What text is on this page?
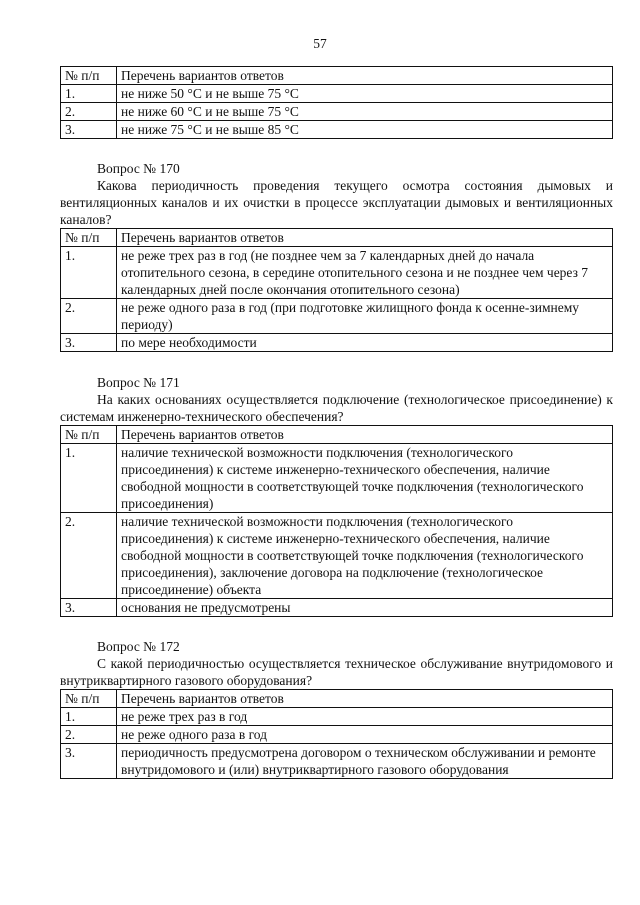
57
№ п/п	Перечень вариантов ответов
1.	не ниже 50 °С и не выше 75 °С
2.	не ниже 60 °С и не выше 75 °С
3.	не ниже 75 °С и не выше 85 °С
Вопрос № 170
Какова периодичность проведения текущего осмотра состояния дымовых и вентиляционных каналов и их очистки в процессе эксплуатации дымовых и вентиляционных каналов?
№ п/п	Перечень вариантов ответов
1.	не реже трех раз в год (не позднее чем за 7 календарных дней до начала отопительного сезона, в середине отопительного сезона и не позднее чем через 7 календарных дней после окончания отопительного сезона)
2.	не реже одного раза в год (при подготовке жилищного фонда к осенне-зимнему периоду)
3.	по мере необходимости
Вопрос № 171
На каких основаниях осуществляется подключение (технологическое присоединение) к системам инженерно-технического обеспечения?
№ п/п	Перечень вариантов ответов
1.	наличие технической возможности подключения (технологического присоединения) к системе инженерно-технического обеспечения, наличие свободной мощности в соответствующей точке подключения (технологического присоединения)
2.	наличие технической возможности подключения (технологического присоединения) к системе инженерно-технического обеспечения, наличие свободной мощности в соответствующей точке подключения (технологического присоединения), заключение договора на подключение (технологическое присоединение) объекта
3.	основания не предусмотрены
Вопрос № 172
С какой периодичностью осуществляется техническое обслуживание внутридомового и внутриквартирного газового оборудования?
№ п/п	Перечень вариантов ответов
1.	не реже трех раз в год
2.	не реже одного раза в год
3.	периодичность предусмотрена договором о техническом обслуживании и ремонте внутридомового и (или) внутриквартирного газового оборудования
